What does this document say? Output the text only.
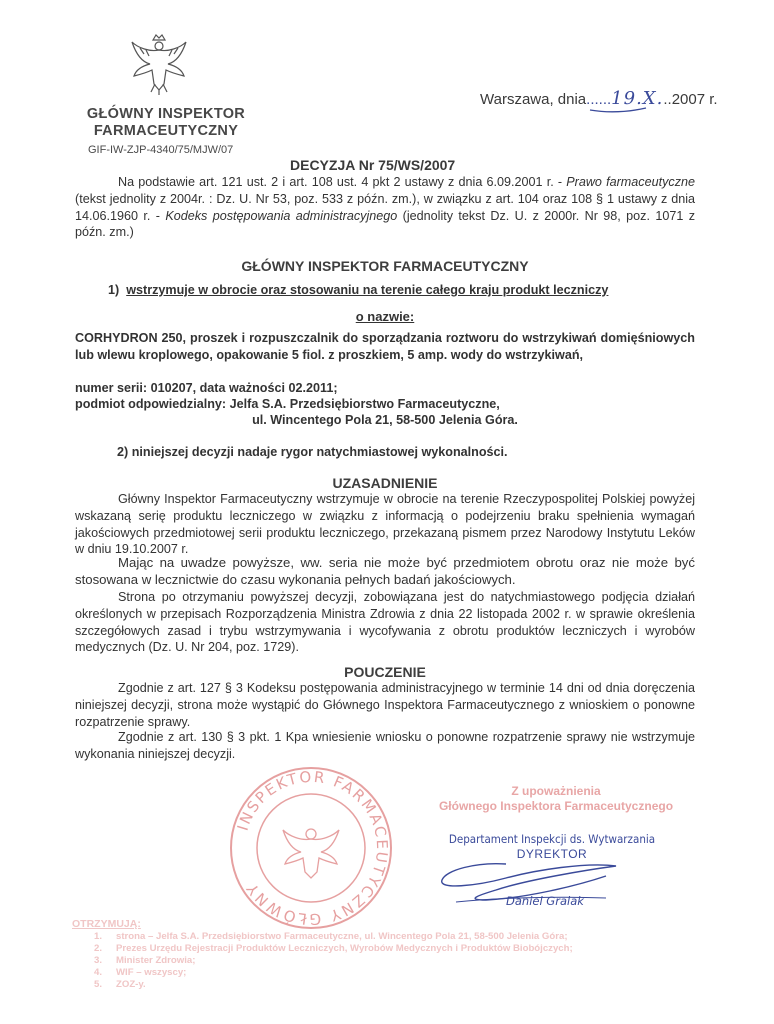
Warszawa, dnia......19.X...2007 r.
GŁÓWNY INSPEKTOR
FARMACEUTYCZNY
GIF-IW-ZJP-4340/75/MJW/07
DECYZJA Nr 75/WS/2007
Na podstawie art. 121 ust. 2 i art. 108 ust. 4 pkt 2 ustawy z dnia 6.09.2001 r. - Prawo farmaceutyczne (tekst jednolity z 2004r. : Dz. U. Nr 53, poz. 533 z późn. zm.), w związku z art. 104 oraz 108 § 1 ustawy z dnia 14.06.1960 r. - Kodeks postępowania administracyjnego (jednolity tekst Dz. U. z 2000r. Nr 98, poz. 1071 z późn. zm.)
GŁÓWNY INSPEKTOR FARMACEUTYCZNY
1) wstrzymuje w obrocie oraz stosowaniu na terenie całego kraju produkt leczniczy
o nazwie:
CORHYDRON 250, proszek i rozpuszczalnik do sporządzania roztworu do wstrzykiwań domięśniowych lub wlewu kroplowego, opakowanie 5 fiol. z proszkiem, 5 amp. wody do wstrzykiwań,
numer serii: 010207, data ważności 02.2011;
podmiot odpowiedzialny: Jelfa S.A. Przedsiębiorstwo Farmaceutyczne,
ul. Wincentego Pola 21, 58-500 Jelenia Góra.
2) niniejszej decyzji nadaje rygor natychmiastowej wykonalności.
UZASADNIENIE
Główny Inspektor Farmaceutyczny wstrzymuje w obrocie na terenie Rzeczypospolitej Polskiej powyżej wskazaną serię produktu leczniczego w związku z informacją o podejrzeniu braku spełnienia wymagań jakościowych przedmiotowej serii produktu leczniczego, przekazaną pismem przez Narodowy Instytutu Leków w dniu 19.10.2007 r.
Mając na uwadze powyższe, ww. seria nie może być przedmiotem obrotu oraz nie może być stosowana w lecznictwie do czasu wykonania pełnych badań jakościowych.
Strona po otrzymaniu powyższej decyzji, zobowiązana jest do natychmiastowego podjęcia działań określonych w przepisach Rozporządzenia Ministra Zdrowia z dnia 22 listopada 2002 r. w sprawie określenia szczegółowych zasad i trybu wstrzymywania i wycofywania z obrotu produktów leczniczych i wyrobów medycznych (Dz. U. Nr 204, poz. 1729).
POUCZENIE
Zgodnie z art. 127 § 3 Kodeksu postępowania administracyjnego w terminie 14 dni od dnia doręczenia niniejszej decyzji, strona może wystąpić do Głównego Inspektora Farmaceutycznego z wnioskiem o ponowne rozpatrzenie sprawy.
Zgodnie z art. 130 § 3 pkt. 1 Kpa wniesienie wniosku o ponowne rozpatrzenie sprawy nie wstrzymuje wykonania niniejszej decyzji.
INSPEKTOR FARMACEUTYCZNY GŁÓWNY
Z upoważnienia
Głównego Inspektora Farmaceutycznego
Departament Inspekcji ds. Wytwarzania
DYREKTOR
Daniel Gralak
OTRZYMUJĄ:
1. strona – Jelfa S.A. Przedsiębiorstwo Farmaceutyczne, ul. Wincentego Pola 21, 58-500 Jelenia Góra;
2. Prezes Urzędu Rejestracji Produktów Leczniczych, Wyrobów Medycznych i Produktów Biobójczych;
3. Minister Zdrowia;
4. WIF – wszyscy;
5. ZOZ-y.
